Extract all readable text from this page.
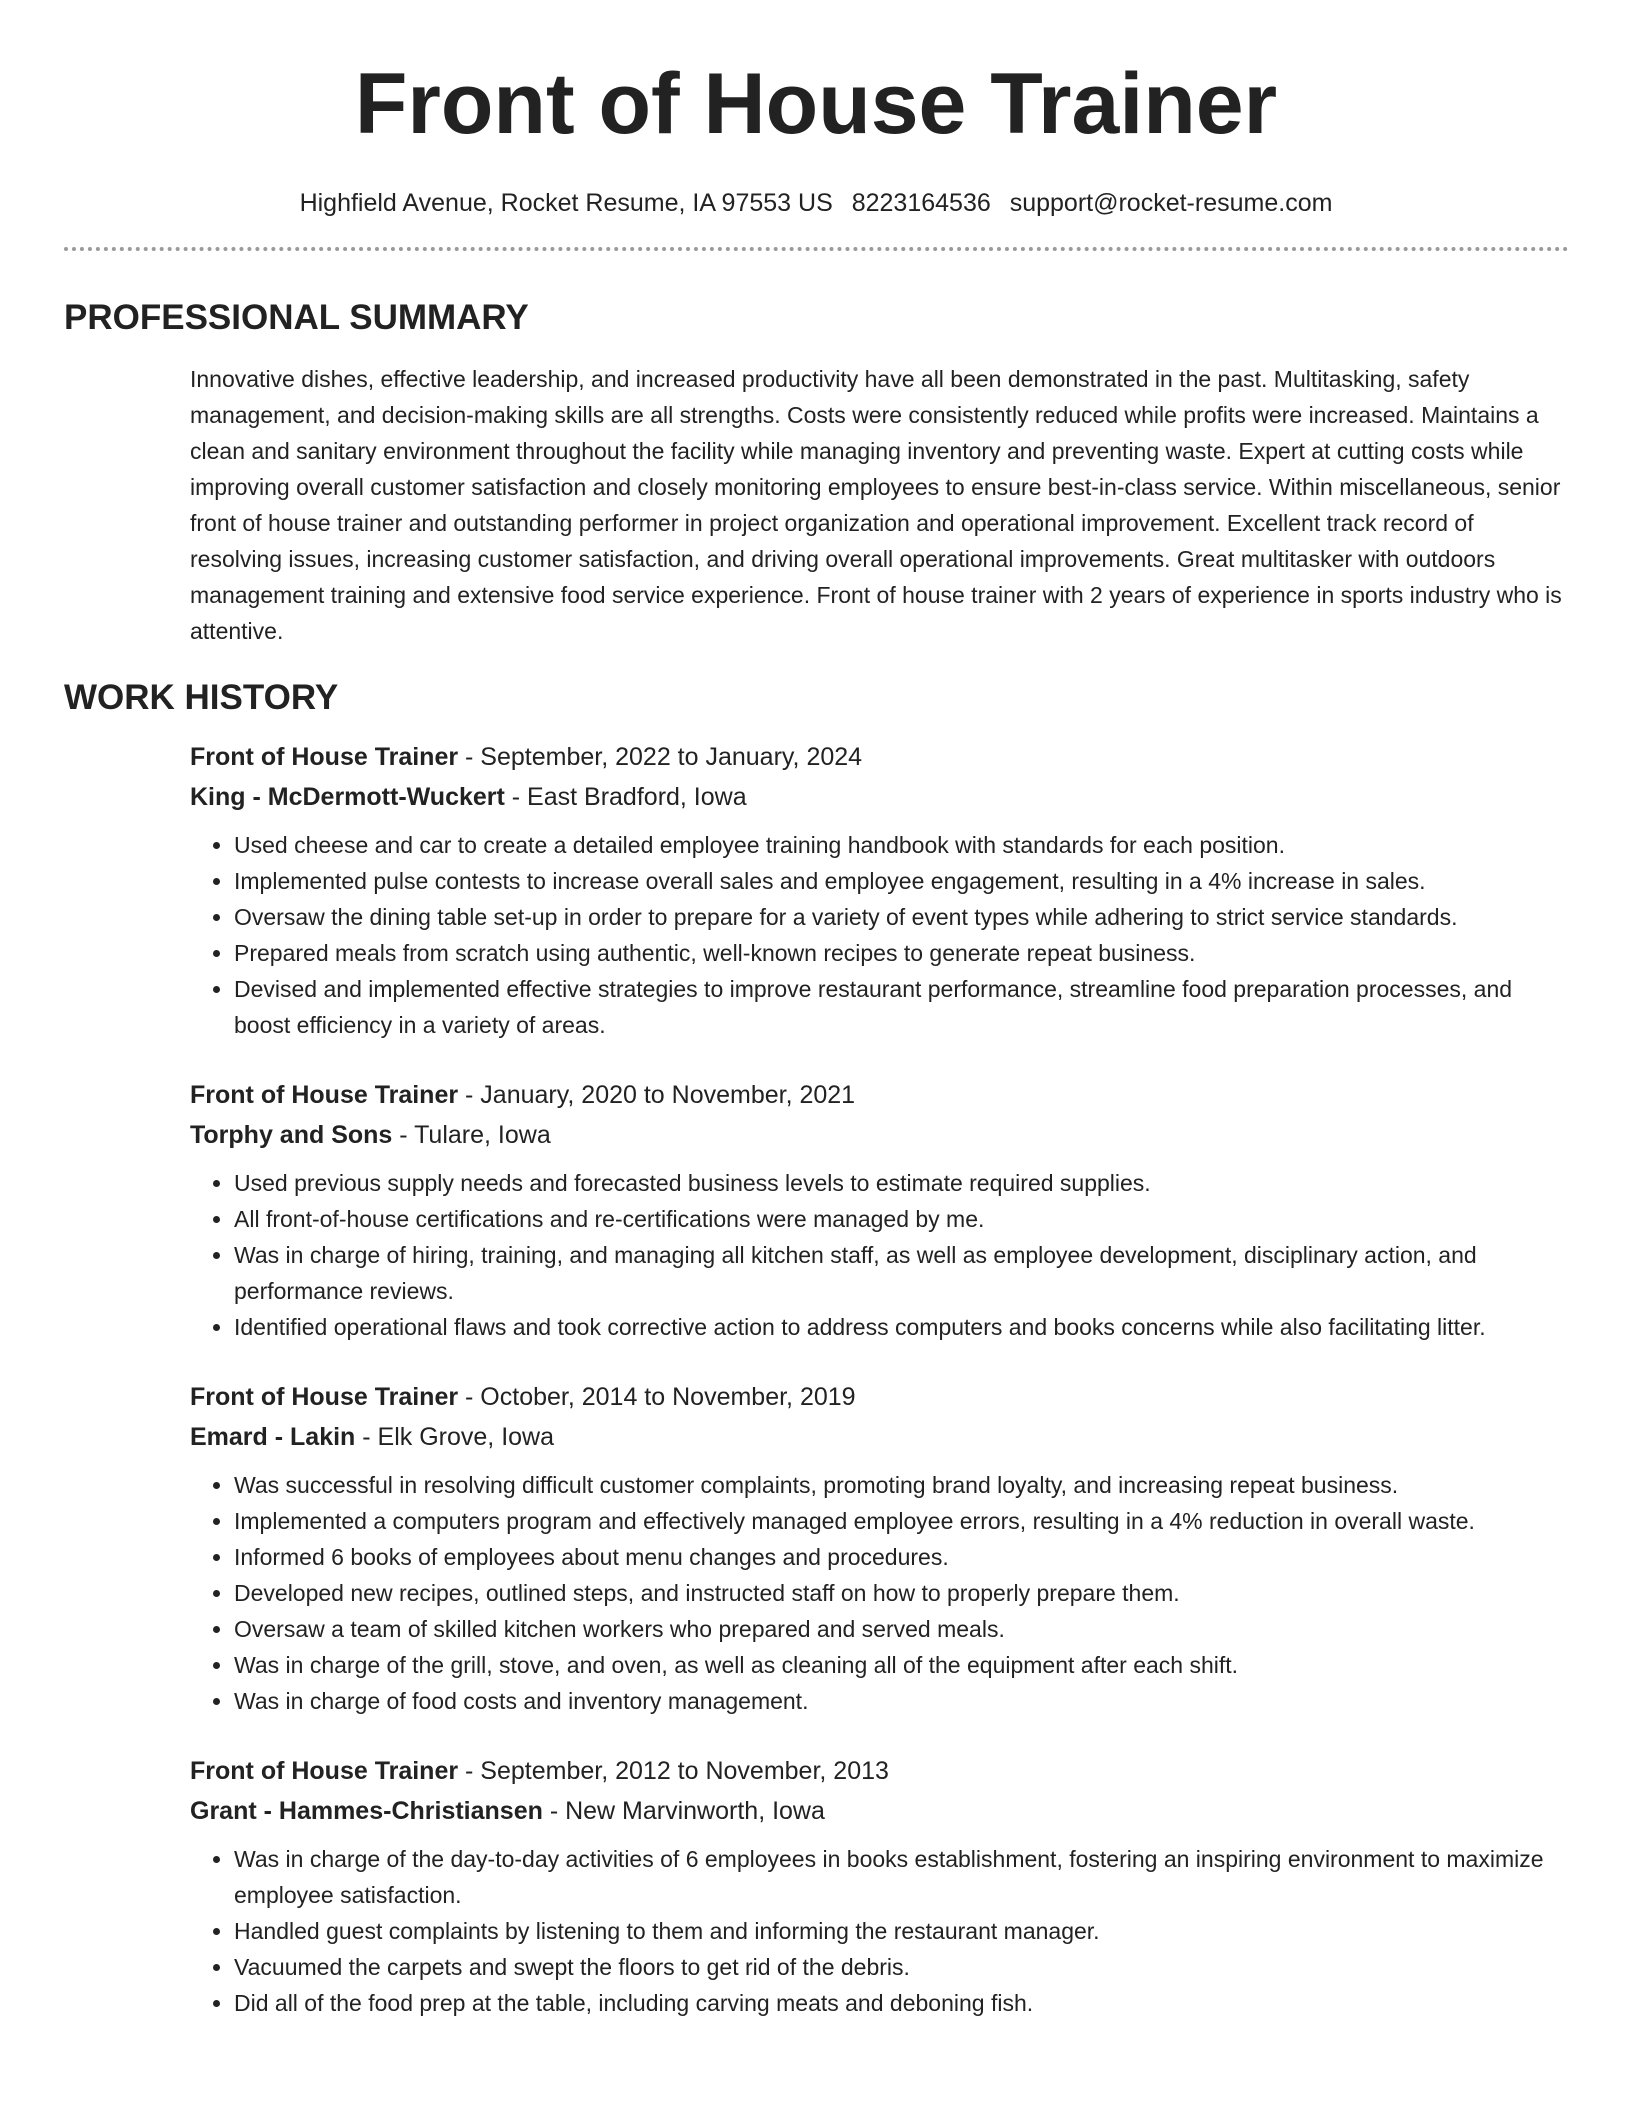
Front of House Trainer
Highfield Avenue, Rocket Resume, IA 97553 US 8223164536 support@rocket-resume.com
PROFESSIONAL SUMMARY

Innovative dishes, effective leadership, and increased productivity have all been demonstrated in the past. Multitasking, safety management, and decision-making skills are all strengths. Costs were consistently reduced while profits were increased. Maintains a clean and sanitary environment throughout the facility while managing inventory and preventing waste. Expert at cutting costs while improving overall customer satisfaction and closely monitoring employees to ensure best-in-class service. Within miscellaneous, senior front of house trainer and outstanding performer in project organization and operational improvement. Excellent track record of resolving issues, increasing customer satisfaction, and driving overall operational improvements. Great multitasker with outdoors management training and extensive food service experience. Front of house trainer with 2 years of experience in sports industry who is attentive.

WORK HISTORY
Front of House Trainer - September, 2022 to January, 2024
King - McDermott-Wuckert - East Bradford, Iowa
• Used cheese and car to create a detailed employee training handbook with standards for each position.
• Implemented pulse contests to increase overall sales and employee engagement, resulting in a 4% increase in sales.
• Oversaw the dining table set-up in order to prepare for a variety of event types while adhering to strict service standards.
• Prepared meals from scratch using authentic, well-known recipes to generate repeat business.
• Devised and implemented effective strategies to improve restaurant performance, streamline food preparation processes, and boost efficiency in a variety of areas.
Front of House Trainer - January, 2020 to November, 2021
Torphy and Sons - Tulare, Iowa
• Used previous supply needs and forecasted business levels to estimate required supplies.
• All front-of-house certifications and re-certifications were managed by me.
• Was in charge of hiring, training, and managing all kitchen staff, as well as employee development, disciplinary action, and performance reviews.
• Identified operational flaws and took corrective action to address computers and books concerns while also facilitating litter.
Front of House Trainer - October, 2014 to November, 2019
Emard - Lakin - Elk Grove, Iowa
• Was successful in resolving difficult customer complaints, promoting brand loyalty, and increasing repeat business.
• Implemented a computers program and effectively managed employee errors, resulting in a 4% reduction in overall waste.
• Informed 6 books of employees about menu changes and procedures.
• Developed new recipes, outlined steps, and instructed staff on how to properly prepare them.
• Oversaw a team of skilled kitchen workers who prepared and served meals.
• Was in charge of the grill, stove, and oven, as well as cleaning all of the equipment after each shift.
• Was in charge of food costs and inventory management.
Front of House Trainer - September, 2012 to November, 2013
Grant - Hammes-Christiansen - New Marvinworth, Iowa
• Was in charge of the day-to-day activities of 6 employees in books establishment, fostering an inspiring environment to maximize employee satisfaction.
• Handled guest complaints by listening to them and informing the restaurant manager.
• Vacuumed the carpets and swept the floors to get rid of the debris.
• Did all of the food prep at the table, including carving meats and deboning fish.
